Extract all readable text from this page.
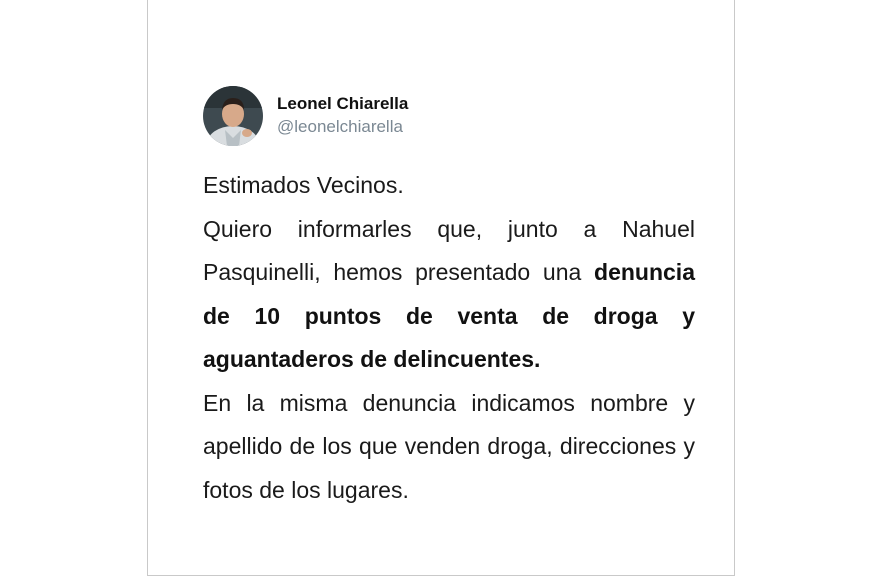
Leonel Chiarella
@leonelchiarella

Estimados Vecinos.

Quiero informarles que, junto a Nahuel Pasquinelli, hemos presentado una denuncia de 10 puntos de venta de droga y aguantaderos de delincuentes.

En la misma denuncia indicamos nombre y apellido de los que venden droga, direcciones y fotos de los lugares.
